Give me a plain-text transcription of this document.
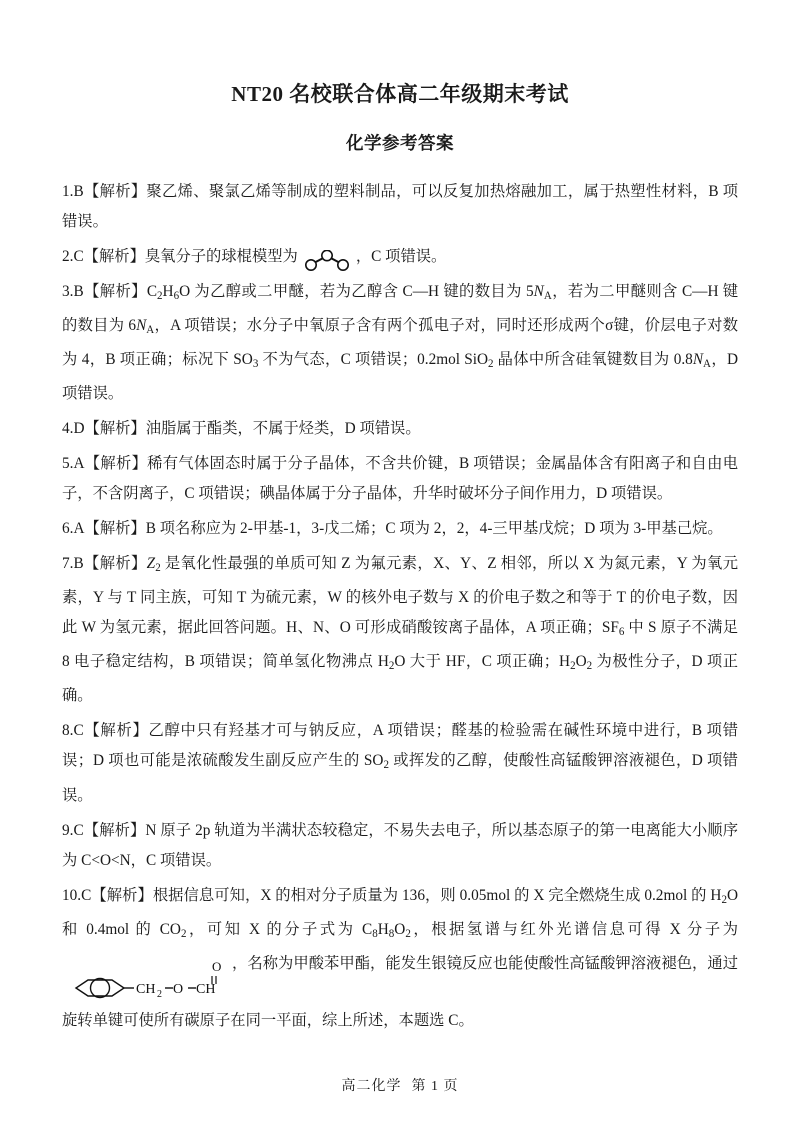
NT20 名校联合体高二年级期末考试
化学参考答案

1.B【解析】聚乙烯、聚氯乙烯等制成的塑料制品，可以反复加热熔融加工，属于热塑性材料，B 项错误。

2.C【解析】臭氧分子的球棍模型为	，C 项错误。

3.B【解析】$C_2H_6O$ 为乙醇或二甲醚，若为乙醇含 C—H 键的数目为 $5N_A$，若为二甲醚则含 C—H 键的数目为 $6N_A$，A 项错误；水分子中氧原子含有两个孤电子对，同时还形成两个σ键，价层电子对数为 4，B 项正确；标况下 $SO_3$ 不为气态，C 项错误；0.2mol SiO$_2$ 晶体中所含硅氧键数目为 $0.8N_A$，D 项错误。

4.D【解析】油脂属于酯类，不属于烃类，D 项错误。

5.A【解析】稀有气体固态时属于分子晶体，不含共价键，B 项错误；金属晶体含有阳离子和自由电子，不含阴离子，C 项错误；碘晶体属于分子晶体，升华时破坏分子间作用力，D 项错误。

6.A【解析】B 项名称应为 2-甲基-1，3-戊二烯；C 项为 2，2，4-三甲基戊烷；D 项为 3-甲基己烷。

7.B【解析】$Z_2$ 是氧化性最强的单质可知 Z 为氟元素，X、Y、Z 相邻，所以 X 为氮元素，Y 为氧元素，Y 与 T 同主族，可知 T 为硫元素，W 的核外电子数与 X 的价电子数之和等于 T 的价电子数，因此 W 为氢元素，据此回答问题。H、N、O 可形成硝酸铵离子晶体，A 项正确；$SF_6$ 中 S 原子不满足 8 电子稳定结构，B 项错误；简单氢化物沸点 $H_2O$ 大于 HF，C 项正确；$H_2O_2$ 为极性分子，D 项正确。

8.C【解析】乙醇中只有羟基才可与钠反应，A 项错误；醛基的检验需在碱性环境中进行，B 项错误；D 项也可能是浓硫酸发生副反应产生的 $SO_2$ 或挥发的乙醇，使酸性高锰酸钾溶液褪色，D 项错误。

9.C【解析】N 原子 2p 轨道为半满状态较稳定，不易失去电子，所以基态原子的第一电离能大小顺序为 C<O<N，C 项错误。

10.C【解析】根据信息可知，X 的相对分子质量为 136，则 0.05mol 的 X 完全燃烧生成 0.2mol 的 $H_2O$ 和 0.4mol 的 $CO_2$，可知 X 的分子式为 $C_8H_8O_2$，根据氢谱与红外光谱信息可得 X 分子为
CH 2 O CH
O ，名称为甲酸苯甲酯，能发生银镜反应也能使酸性高锰酸钾溶液褪色，通过旋转单键可使所有碳原子在同一平面，综上所述，本题选 C。

高二化学 第 1 页
